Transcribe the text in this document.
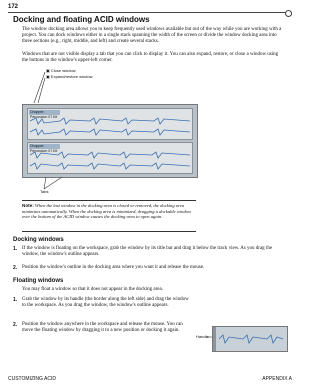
172
Docking and floating ACID windows

The window docking area allows you to keep frequently used windows available but out of the way while you are working with a project. You can dock windows either in a single stack spanning the width of the screen or divide the window docking area into three sections (e.g., right, middle, and left) and create several stacks.

Windows that are not visible display a tab that you can click to display it. You can also expand, restore, or close a window using the buttons in the window's upper-left corner.

▣ Close window
▣ Expand/restore window
Chopper: Percussion 07.Kit
Chopper: Percussion 07.Kit
Tabs

Note: When the last window in the docking area is closed or removed, the docking area minimizes automatically. When the docking area is minimized, dragging a dockable window over the bottom of the ACID window causes the docking area to open again.

Docking windows

1. If the window is floating on the workspace, grab the window by its title bar and drag it below the track view. As you drag the window, the window's outline appears.

2. Position the window's outline in the docking area where you want it and release the mouse.

Floating windows

You may float a window so that it does not appear in the docking area.

1. Grab the window by its handle (the border along the left side) and drag the window to the workspace. As you drag the window, the window's outline appears.

2. Position the window anywhere in the workspace and release the mouse. You can move the floating window by dragging it to a new position or docking it again.

Handle
CUSTOMIZING ACID	APPENDIX A
